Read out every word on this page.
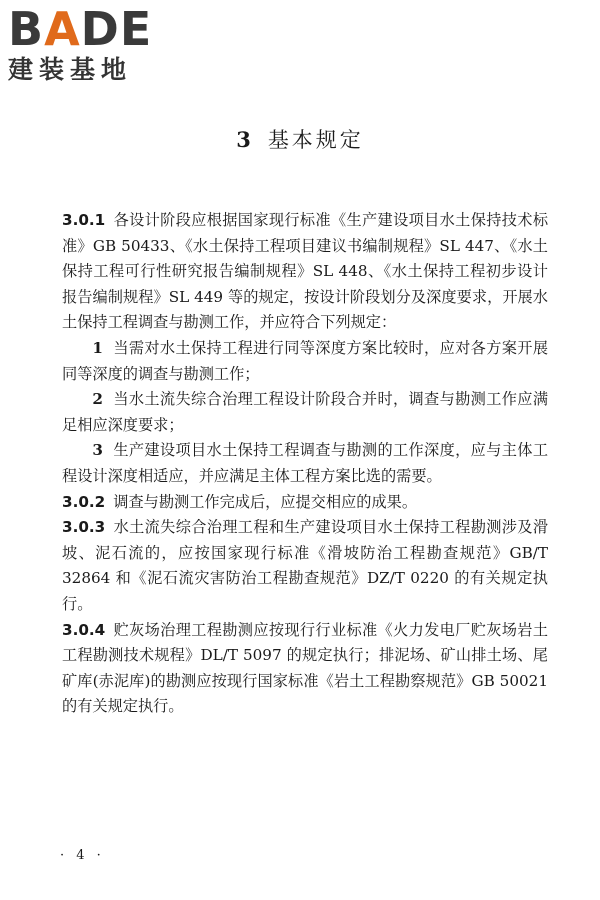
BADE
建装基地
3 基本规定

3.0.1 各设计阶段应根据国家现行标准《生产建设项目水土保持技术标准》GB 50433、《水土保持工程项目建议书编制规程》SL 447、《水土保持工程可行性研究报告编制规程》SL 448、《水土保持工程初步设计报告编制规程》SL 449 等的规定，按设计阶段划分及深度要求，开展水土保持工程调查与勘测工作，并应符合下列规定：

1 当需对水土保持工程进行同等深度方案比较时，应对各方案开展同等深度的调查与勘测工作；

2 当水土流失综合治理工程设计阶段合并时，调查与勘测工作应满足相应深度要求；

3 生产建设项目水土保持工程调查与勘测的工作深度，应与主体工程设计深度相适应，并应满足主体工程方案比选的需要。

3.0.2 调查与勘测工作完成后，应提交相应的成果。

3.0.3 水土流失综合治理工程和生产建设项目水土保持工程勘测涉及滑坡、泥石流的，应按国家现行标准《滑坡防治工程勘查规范》GB/T 32864 和《泥石流灾害防治工程勘查规范》DZ/T 0220 的有关规定执行。

3.0.4 贮灰场治理工程勘测应按现行行业标准《火力发电厂贮灰场岩土工程勘测技术规程》DL/T 5097 的规定执行；排泥场、矿山排土场、尾矿库(赤泥库)的勘测应按现行国家标准《岩土工程勘察规范》GB 50021 的有关规定执行。

· 4 ·
